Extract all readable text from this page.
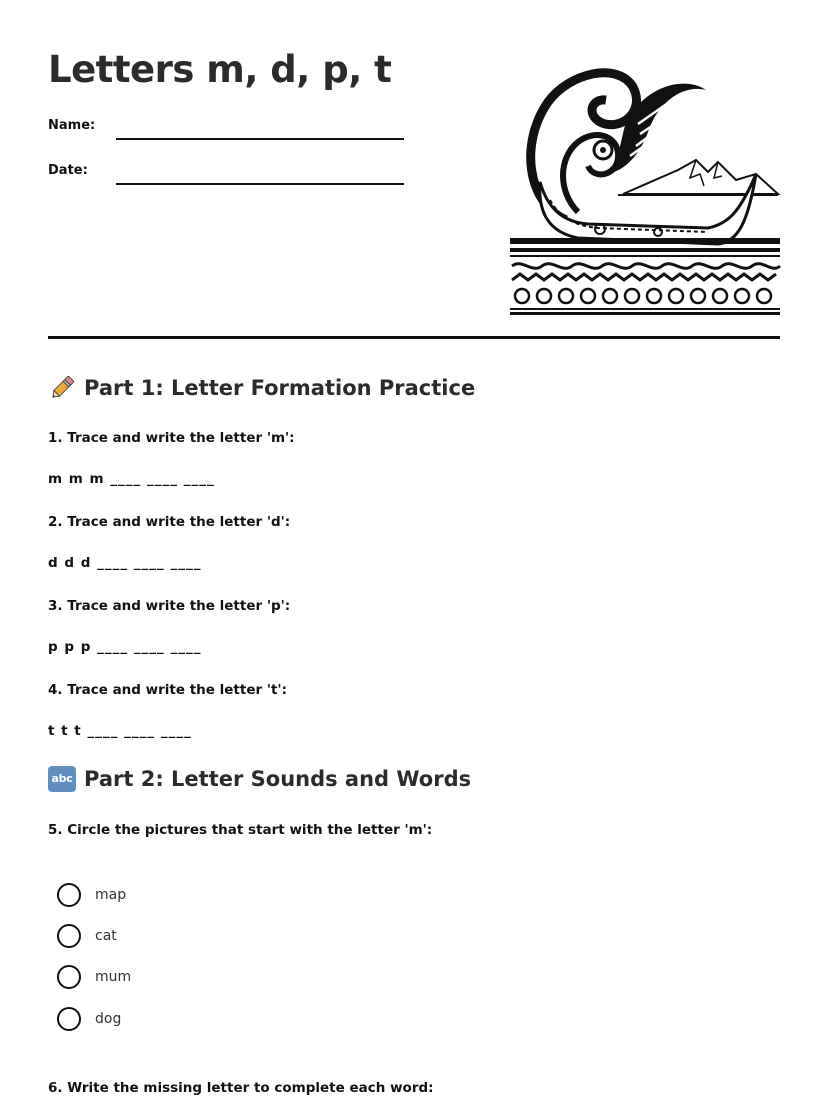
Letters m, d, p, t
Name:
Date:
Part 1: Letter Formation Practice
1. Trace and write the letter 'm':
m m m ____ ____ ____
2. Trace and write the letter 'd':
d d d ____ ____ ____
3. Trace and write the letter 'p':
p p p ____ ____ ____
4. Trace and write the letter 't':
t t t ____ ____ ____
abc Part 2: Letter Sounds and Words
5. Circle the pictures that start with the letter 'm':
map
cat
mum
dog
6. Write the missing letter to complete each word:
